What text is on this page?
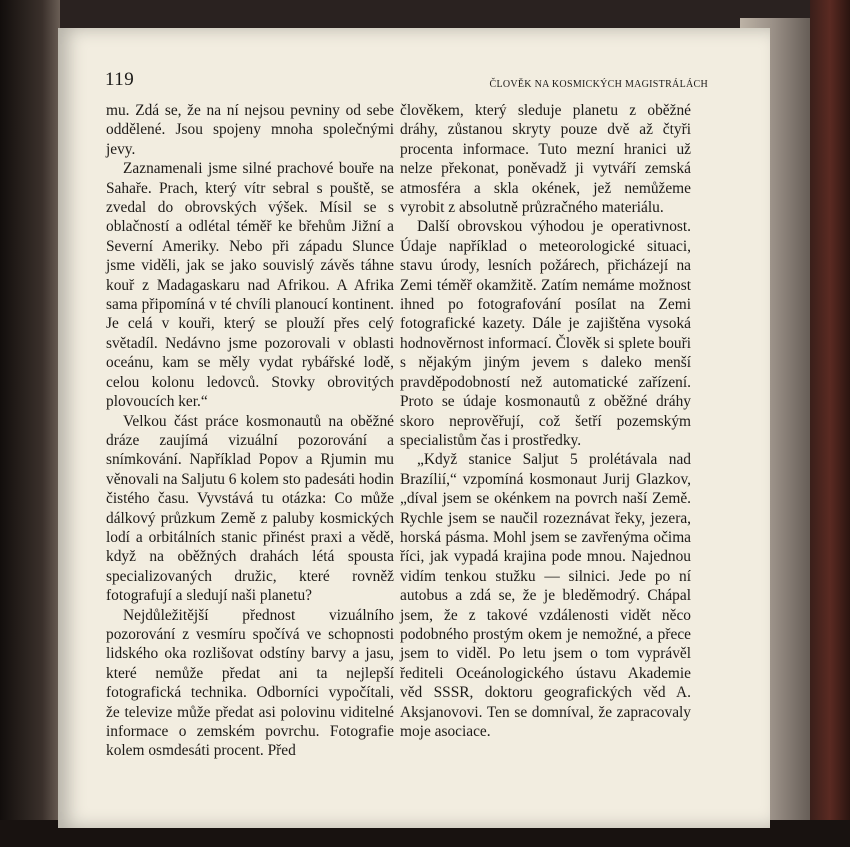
119	ČLOVĚK NA KOSMICKÝCH MAGISTRÁLÁCH

mu. Zdá se, že na ní nejsou pevniny od sebe oddělené. Jsou spojeny mnoha společnými jevy.

Zaznamenali jsme silné prachové bouře na Sahaře. Prach, který vítr sebral s pouště, se zvedal do obrovských výšek. Mísil se s oblačností a odlétal téměř ke břehům Jižní a Severní Ameriky. Nebo při západu Slunce jsme viděli, jak se jako souvislý závěs táhne kouř z Madagaskaru nad Afrikou. A Afrika sama připomíná v té chvíli planoucí kontinent. Je celá v kouři, který se plouží přes celý světadíl. Nedávno jsme pozorovali v oblasti oceánu, kam se měly vydat rybářské lodě, celou kolonu ledovců. Stovky obrovitých plovoucích ker.“

Velkou část práce kosmonautů na oběžné dráze zaujímá vizuální pozorování a snímkování. Například Popov a Rjumin mu věnovali na Saljutu 6 kolem sto padesáti hodin čistého času. Vyvstává tu otázka: Co může dálkový průzkum Země z paluby kosmických lodí a orbitálních stanic přinést praxi a vědě, když na oběžných drahách létá spousta specializovaných družic, které rovněž fotografují a sledují naši planetu?

Nejdůležitější přednost vizuálního pozorování z vesmíru spočívá ve schopnosti lidského oka rozlišovat odstíny barvy a jasu, které nemůže předat ani ta nejlepší fotografická technika. Odborníci vypočítali, že televize může předat asi polovinu viditelné informace o zemském povrchu. Fotografie kolem osmdesáti procent. Před

člověkem, který sleduje planetu z oběžné dráhy, zůstanou skryty pouze dvě až čtyři procenta informace. Tuto mezní hranici už nelze překonat, poněvadž ji vytváří zemská atmosféra a skla okének, jež nemůžeme vyrobit z absolutně průzračného materiálu.

Další obrovskou výhodou je operativnost. Údaje například o meteorologické situaci, stavu úrody, lesních požárech, přicházejí na Zemi téměř okamžitě. Zatím nemáme možnost ihned po fotografování posílat na Zemi fotografické kazety. Dále je zajištěna vysoká hodnověrnost informací. Člověk si splete bouři s nějakým jiným jevem s daleko menší pravděpodobností než automatické zařízení. Proto se údaje kosmonautů z oběžné dráhy skoro neprověřují, což šetří pozemským specialistům čas i prostředky.

„Když stanice Saljut 5 prolétávala nad Brazílií,“ vzpomíná kosmonaut Jurij Glazkov, „díval jsem se okénkem na povrch naší Země. Rychle jsem se naučil rozeznávat řeky, jezera, horská pásma. Mohl jsem se zavřenýma očima říci, jak vypadá krajina pode mnou. Najednou vidím tenkou stužku — silnici. Jede po ní autobus a zdá se, že je bleděmodrý. Chápal jsem, že z takové vzdálenosti vidět něco podobného prostým okem je nemožné, a přece jsem to viděl. Po letu jsem o tom vyprávěl řediteli Oceánologického ústavu Akademie věd SSSR, doktoru geografických věd A. Aksjanovovi. Ten se domníval, že zapracovaly moje asociace.
